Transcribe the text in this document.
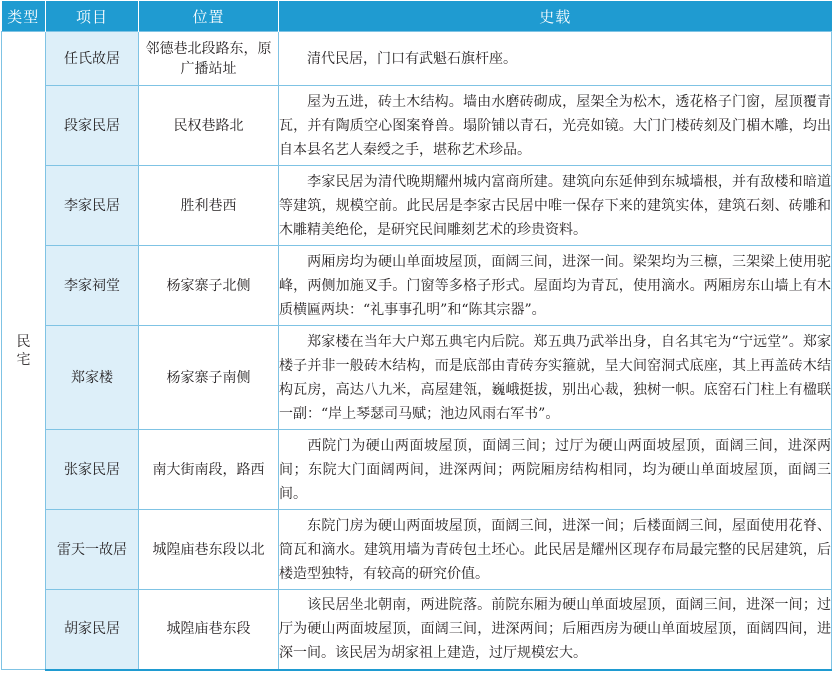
类型	项目	位置	史载
民宅	任氏故居	邻德巷北段路东，原广播站址	清代民居，门口有武魁石旗杆座。
	段家民居	民权巷路北	屋为五进，砖土木结构。墙由水磨砖砌成，屋架全为松木，透花格子门窗，屋顶覆青瓦，并有陶质空心图案脊兽。塌阶铺以青石，光亮如镜。大门门楼砖刻及门楣木雕，均出自本县名艺人秦绶之手，堪称艺术珍品。
	李家民居	胜利巷西	李家民居为清代晚期耀州城内富商所建。建筑向东延伸到东城墙根，并有敌楼和暗道等建筑，规模空前。此民居是李家古民居中唯一保存下来的建筑实体，建筑石刻、砖雕和木雕精美绝伦，是研究民间雕刻艺术的珍贵资料。
	李家祠堂	杨家寨子北侧	两厢房均为硬山单面坡屋顶，面阔三间，进深一间。梁架均为三檩，三架梁上使用驼峰，两侧加施叉手。门窗等多格子形式。屋面均为青瓦，使用滴水。两厢房东山墙上有木质横匾两块：“礼事事孔明”和“陈其宗器”。
	郑家楼	杨家寨子南侧	郑家楼在当年大户郑五典宅内后院。郑五典乃武举出身，自名其宅为“宁远堂”。郑家楼子并非一般砖木结构，而是底部由青砖夯实箍就，呈大间窑洞式底座，其上再盖砖木结构瓦房，高达八九米，高屋建瓴，巍峨挺拔，别出心裁，独树一帜。底窑石门柱上有楹联一副：“岸上琴瑟司马赋；池边风雨右军书”。
	张家民居	南大街南段，路西	西院门为硬山两面坡屋顶，面阔三间；过厅为硬山两面坡屋顶，面阔三间，进深两间；东院大门面阔两间，进深两间；两院厢房结构相同，均为硬山单面坡屋顶，面阔三间。
	雷天一故居	城隍庙巷东段以北	东院门房为硬山两面坡屋顶，面阔三间，进深一间；后楼面阔三间，屋面使用花脊、筒瓦和滴水。建筑用墙为青砖包土坯心。此民居是耀州区现存布局最完整的民居建筑，后楼造型独特，有较高的研究价值。
	胡家民居	城隍庙巷东段	该民居坐北朝南，两进院落。前院东厢为硬山单面坡屋顶，面阔三间，进深一间；过厅为硬山两面坡屋顶，面阔三间，进深两间；后厢西房为硬山单面坡屋顶，面阔四间，进深一间。该民居为胡家祖上建造，过厅规模宏大。
